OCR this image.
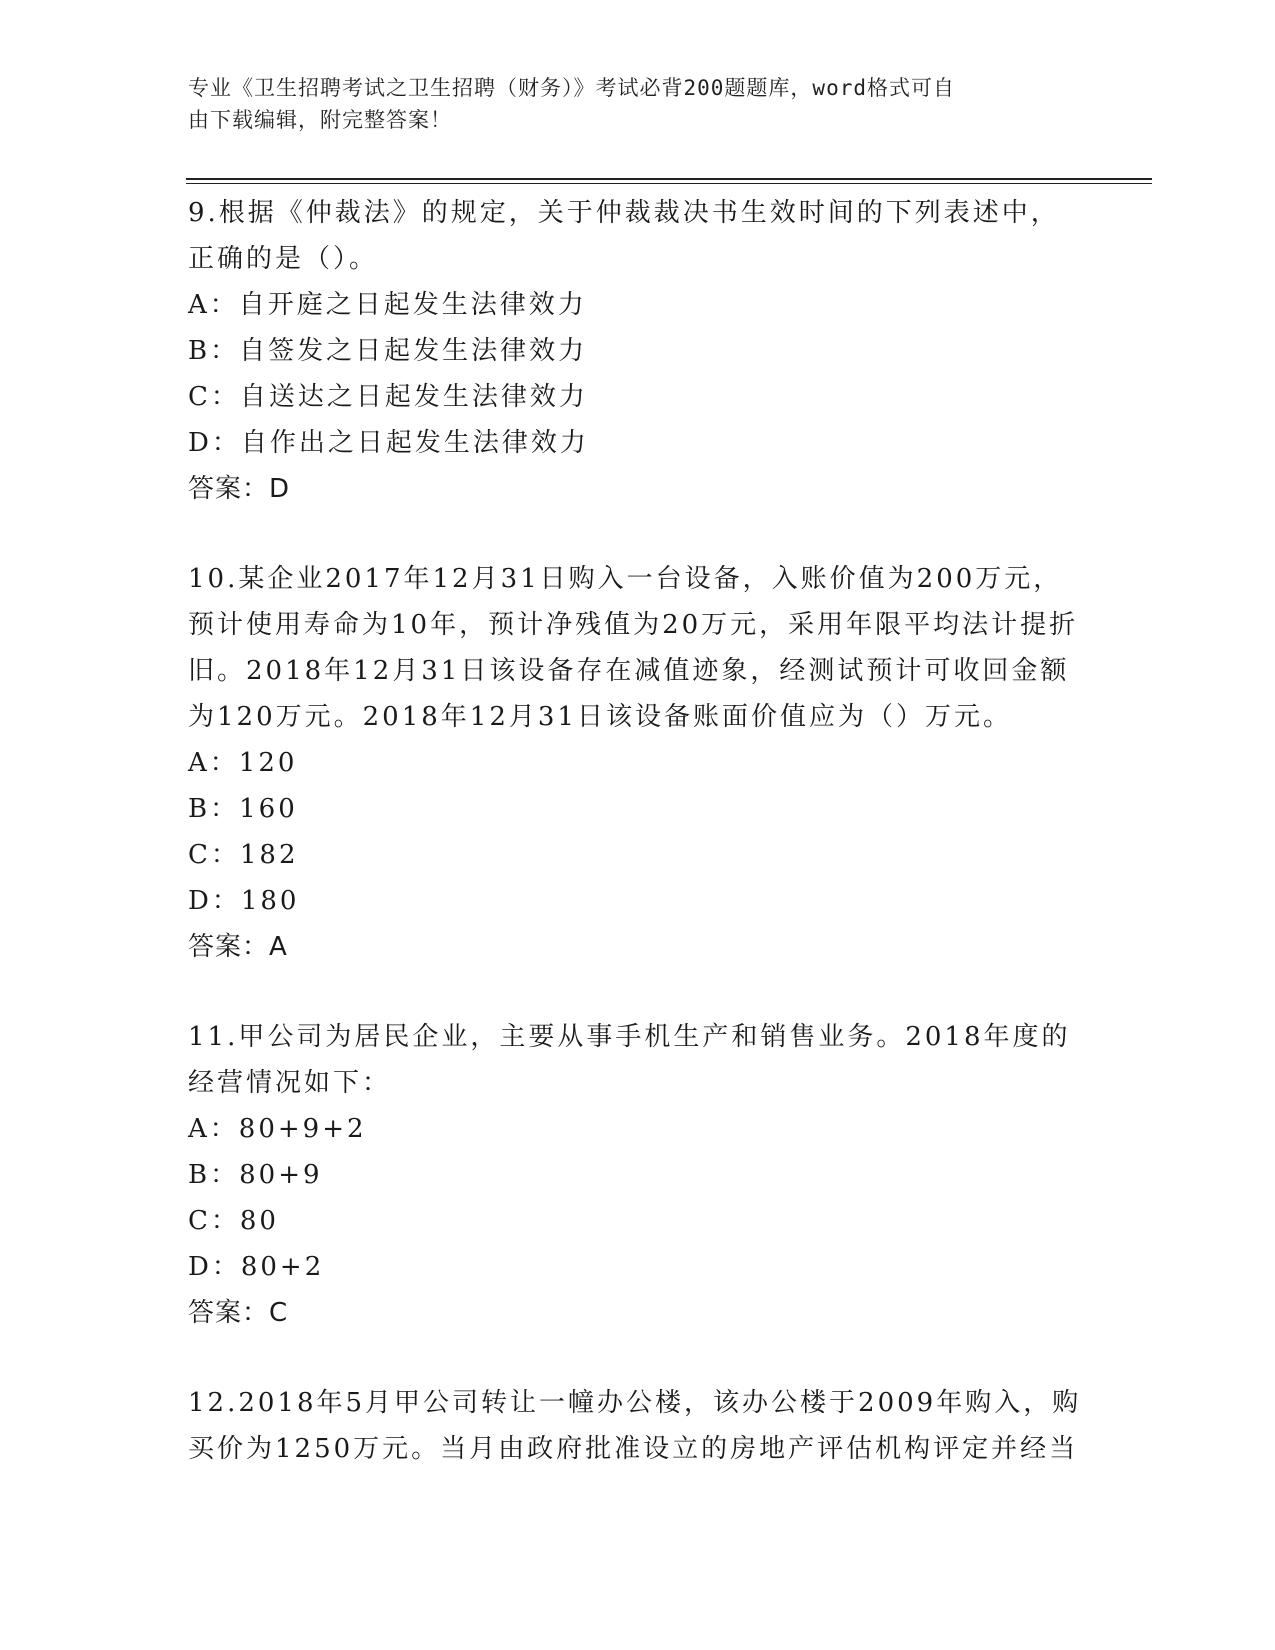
专业《卫生招聘考试之卫生招聘（财务）》考试必背200题题库，word格式可自
由下载编辑，附完整答案！

9.根据《仲裁法》的规定，关于仲裁裁决书生效时间的下列表述中，正确的是（）。

A：自开庭之日起发生法律效力

B：自签发之日起发生法律效力

C：自送达之日起发生法律效力

D：自作出之日起发生法律效力

答案：D

10.某企业2017年12月31日购入一台设备，入账价值为200万元，预计使用寿命为10年，预计净残值为20万元，采用年限平均法计提折旧。2018年12月31日该设备存在减值迹象，经测试预计可收回金额为120万元。2018年12月31日该设备账面价值应为（）万元。

A：120

B：160

C：182

D：180

答案：A

11.甲公司为居民企业，主要从事手机生产和销售业务。2018年度的经营情况如下：

A：80+9+2

B：80+9

C：80

D：80+2

答案：C

12.2018年5月甲公司转让一幢办公楼，该办公楼于2009年购入，购买价为1250万元。当月由政府批准设立的房地产评估机构评定并经当
